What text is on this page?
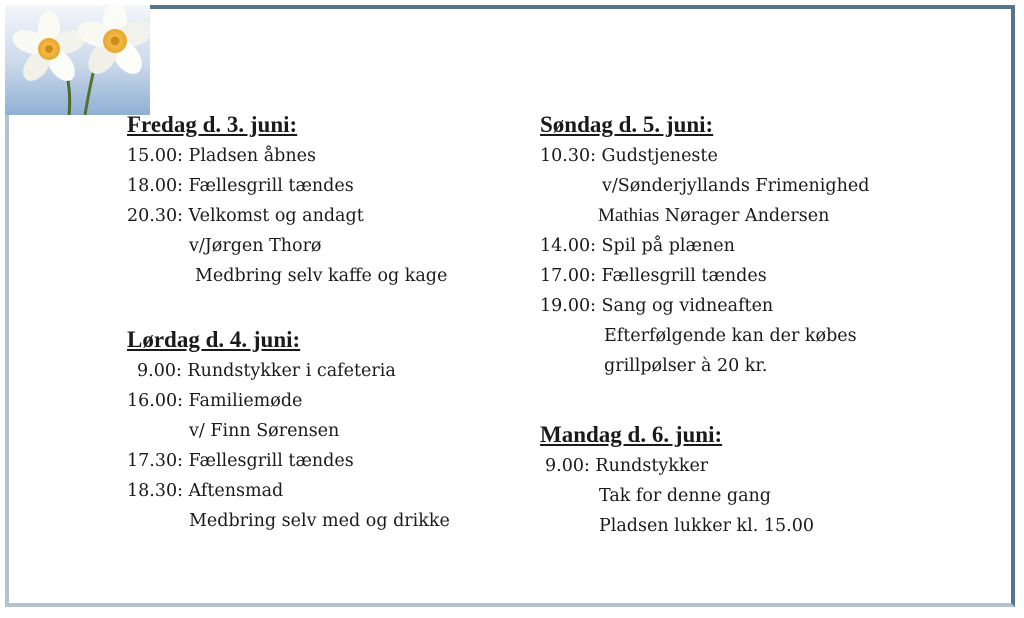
Fredag d. 3. juni:
15.00: Pladsen åbnes
18.00: Fællesgrill tændes
20.30: Velkomst og andagt
v/Jørgen Thorø
Medbring selv kaffe og kage
Lørdag d. 4. juni:
9.00: Rundstykker i cafeteria
16.00: Familiemøde
v/ Finn Sørensen
17.30: Fællesgrill tændes
18.30: Aftensmad
Medbring selv med og drikke
Søndag d. 5. juni:
10.30: Gudstjeneste
v/Sønderjyllands Frimenighed
Mathias Nørager Andersen
14.00: Spil på plænen
17.00: Fællesgrill tændes
19.00: Sang og vidneaften
Efterfølgende kan der købes
grillpølser à 20 kr.
Mandag d. 6. juni:
9.00: Rundstykker
Tak for denne gang
Pladsen lukker kl. 15.00
